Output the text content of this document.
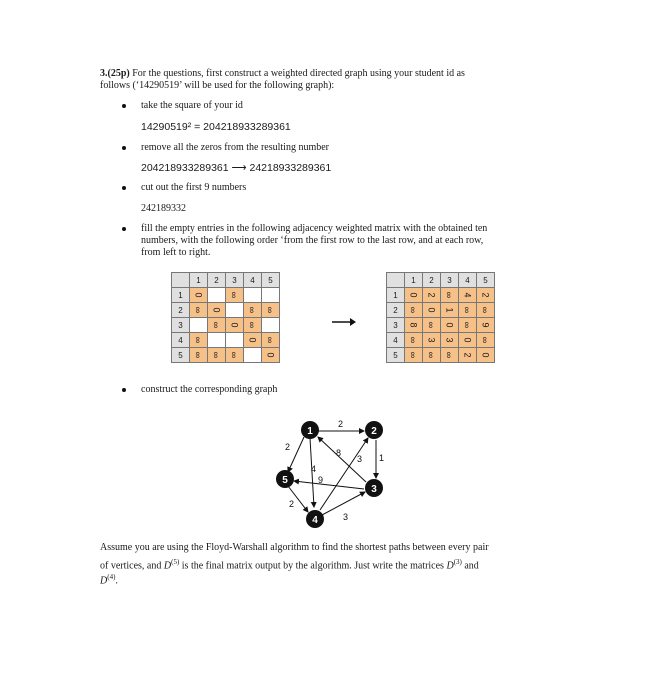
3.(25p) For the questions, first construct a weighted directed graph using your student id as
follows (‘14290519’ will be used for the following graph):
take the square of your id
14290519² = 204218933289361
remove all the zeros from the resulting number
204218933289361 ⟶ 24218933289361
cut out the first 9 numbers
242189332
fill the empty entries in the following adjacency weighted matrix with the obtained ten
numbers, with the following order ‘from the first row to the last row, and at each row,
from left to right.
	1	2	3	4	5
1	0		∞		
2	∞	0		∞	∞
3		∞	0	∞	
4	∞			0	∞
5	∞	∞	∞		0
	1	2	3	4	5
1	0	2	∞	4	2
2	∞	0	1	∞	∞
3	8	∞	0	∞	9
4	∞	3	3	0	∞
5	∞	∞	∞	2	0
construct the corresponding graph
2
2
8
3 1
4
9
2
3
1	2
3
4
5
Assume you are using the Floyd-Warshall algorithm to find the shortest paths between every pair
of vertices, and $D^{(5)}$ is the final matrix output by the algorithm. Just write the matrices $D^{(3)}$ and
$D^{(4)}$.
